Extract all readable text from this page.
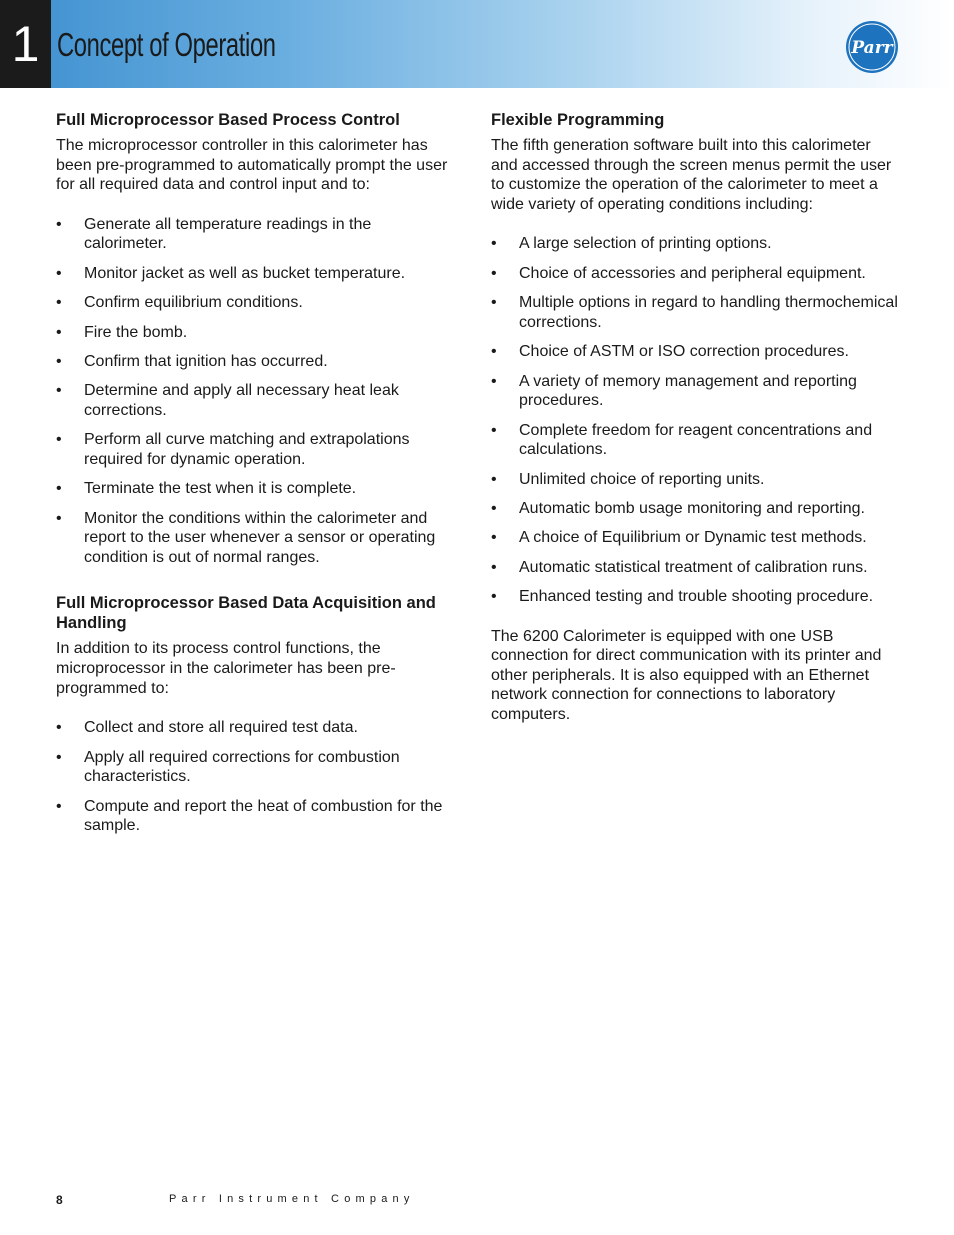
1 Concept of Operation	Parr
Full Microprocessor Based Process Control

The microprocessor controller in this calorimeter has been pre-programmed to automatically prompt the user for all required data and control input and to:

• Generate all temperature readings in the calorimeter.
• Monitor jacket as well as bucket temperature.
• Confirm equilibrium conditions.
• Fire the bomb.
• Confirm that ignition has occurred.
• Determine and apply all necessary heat leak corrections.
• Perform all curve matching and extrapolations required for dynamic operation.
• Terminate the test when it is complete.
• Monitor the conditions within the calorimeter and report to the user whenever a sensor or operating condition is out of normal ranges.
Full Microprocessor Based Data Acquisition and Handling

In addition to its process control functions, the microprocessor in the calorimeter has been pre-programmed to:

• Collect and store all required test data.
• Apply all required corrections for combustion characteristics.
• Compute and report the heat of combustion for the sample.
Flexible Programming

The fifth generation software built into this calorimeter and accessed through the screen menus permit the user to customize the operation of the calorimeter to meet a wide variety of operating conditions including:

• A large selection of printing options.
• Choice of accessories and peripheral equipment.
• Multiple options in regard to handling thermochemical corrections.
• Choice of ASTM or ISO correction procedures.
• A variety of memory management and reporting procedures.
• Complete freedom for reagent concentrations and calculations.
• Unlimited choice of reporting units.
• Automatic bomb usage monitoring and reporting.
• A choice of Equilibrium or Dynamic test methods.
• Automatic statistical treatment of calibration runs.
• Enhanced testing and trouble shooting procedure.

The 6200 Calorimeter is equipped with one USB connection for direct communication with its printer and other peripherals. It is also equipped with an Ethernet network connection for connections to laboratory computers.

8	Parr Instrument Company
